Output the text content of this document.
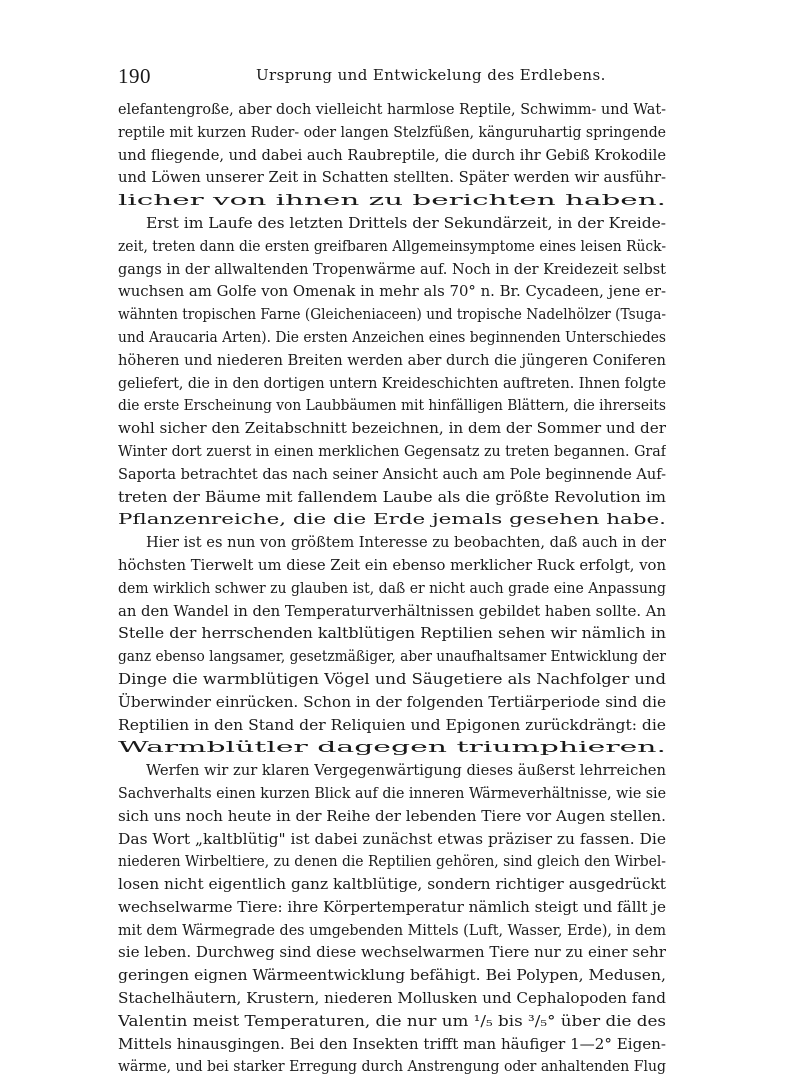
190	Ursprung und Entwickelung des Erdlebens.
elefantengroße, aber doch vielleicht harmlose Reptile, Schwimm- und Wat-
reptile mit kurzen Ruder- oder langen Stelzfüßen, känguruhartig springende
und fliegende, und dabei auch Raubreptile, die durch ihr Gebiß Krokodile
und Löwen unserer Zeit in Schatten stellten. Später werden wir ausführ-
licher von ihnen zu berichten haben.
Erst im Laufe des letzten Drittels der Sekundärzeit, in der Kreide-
zeit, treten dann die ersten greifbaren Allgemeinsymptome eines leisen Rück-
gangs in der allwaltenden Tropenwärme auf. Noch in der Kreidezeit selbst
wuchsen am Golfe von Omenak in mehr als 70° n. Br. Cycadeen, jene er-
wähnten tropischen Farne (Gleicheniaceen) und tropische Nadelhölzer (Tsuga-
und Araucaria Arten). Die ersten Anzeichen eines beginnenden Unterschiedes
höheren und niederen Breiten werden aber durch die jüngeren Coniferen
geliefert, die in den dortigen untern Kreideschichten auftreten. Ihnen folgte
die erste Erscheinung von Laubbäumen mit hinfälligen Blättern, die ihrerseits
wohl sicher den Zeitabschnitt bezeichnen, in dem der Sommer und der
Winter dort zuerst in einen merklichen Gegensatz zu treten begannen. Graf
Saporta betrachtet das nach seiner Ansicht auch am Pole beginnende Auf-
treten der Bäume mit fallendem Laube als die größte Revolution im
Pflanzenreiche, die die Erde jemals gesehen habe.
Hier ist es nun von größtem Interesse zu beobachten, daß auch in der
höchsten Tierwelt um diese Zeit ein ebenso merklicher Ruck erfolgt, von
dem wirklich schwer zu glauben ist, daß er nicht auch grade eine Anpassung
an den Wandel in den Temperaturverhältnissen gebildet haben sollte. An
Stelle der herrschenden kaltblütigen Reptilien sehen wir nämlich in
ganz ebenso langsamer, gesetzmäßiger, aber unaufhaltsamer Entwicklung der
Dinge die warmblütigen Vögel und Säugetiere als Nachfolger und
Überwinder einrücken. Schon in der folgenden Tertiärperiode sind die
Reptilien in den Stand der Reliquien und Epigonen zurückdrängt: die
Warmblütler dagegen triumphieren.
Werfen wir zur klaren Vergegenwärtigung dieses äußerst lehrreichen
Sachverhalts einen kurzen Blick auf die inneren Wärmeverhältnisse, wie sie
sich uns noch heute in der Reihe der lebenden Tiere vor Augen stellen.
Das Wort „kaltblütig" ist dabei zunächst etwas präziser zu fassen. Die
niederen Wirbeltiere, zu denen die Reptilien gehören, sind gleich den Wirbel-
losen nicht eigentlich ganz kaltblütige, sondern richtiger ausgedrückt
wechselwarme Tiere: ihre Körpertemperatur nämlich steigt und fällt je
mit dem Wärmegrade des umgebenden Mittels (Luft, Wasser, Erde), in dem
sie leben. Durchweg sind diese wechselwarmen Tiere nur zu einer sehr
geringen eignen Wärmeentwicklung befähigt. Bei Polypen, Medusen,
Stachelhäutern, Krustern, niederen Mollusken und Cephalopoden fand
Valentin meist Temperaturen, die nur um ¹/₅ bis ³/₅° über die des
Mittels hinausgingen. Bei den Insekten trifft man häufiger 1—2° Eigen-
wärme, und bei starker Erregung durch Anstrengung oder anhaltenden Flug
